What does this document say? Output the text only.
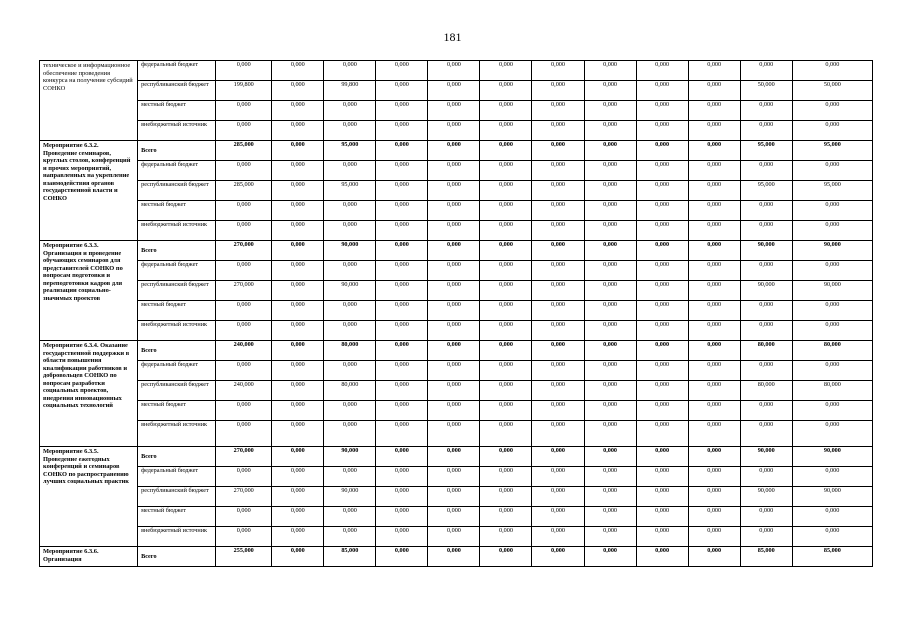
181
техническое и информационное обеспечение проведения конкурса на получение субсидий СОНКО	федеральный бюджет	0,000	0,000	0,000	0,000	0,000	0,000	0,000	0,000	0,000	0,000	0,000	0,000
	республиканский бюджет	199,800	0,000	99,800	0,000	0,000	0,000	0,000	0,000	0,000	0,000	50,000	50,000
	местный бюджет	0,000	0,000	0,000	0,000	0,000	0,000	0,000	0,000	0,000	0,000	0,000	0,000
	внебюджетный источник	0,000	0,000	0,000	0,000	0,000	0,000	0,000	0,000	0,000	0,000	0,000	0,000
Мероприятие 6.3.2. Проведение семинаров, круглых столов, конференций и прочих мероприятий, направленных на укрепление взаимодействия органов государственной власти и СОНКО	Всего	285,000	0,000	95,000	0,000	0,000	0,000	0,000	0,000	0,000	0,000	95,000	95,000
	федеральный бюджет	0,000	0,000	0,000	0,000	0,000	0,000	0,000	0,000	0,000	0,000	0,000	0,000
	республиканский бюджет	285,000	0,000	95,000	0,000	0,000	0,000	0,000	0,000	0,000	0,000	95,000	95,000
	местный бюджет	0,000	0,000	0,000	0,000	0,000	0,000	0,000	0,000	0,000	0,000	0,000	0,000
	внебюджетный источник	0,000	0,000	0,000	0,000	0,000	0,000	0,000	0,000	0,000	0,000	0,000	0,000
Мероприятие 6.3.3. Организация и проведение обучающих семинаров для представителей СОНКО по вопросам подготовки и переподготовки кадров для реализации социально-значимых проектов	Всего	270,000	0,000	90,000	0,000	0,000	0,000	0,000	0,000	0,000	0,000	90,000	90,000
	федеральный бюджет	0,000	0,000	0,000	0,000	0,000	0,000	0,000	0,000	0,000	0,000	0,000	0,000
	республиканский бюджет	270,000	0,000	90,000	0,000	0,000	0,000	0,000	0,000	0,000	0,000	90,000	90,000
	местный бюджет	0,000	0,000	0,000	0,000	0,000	0,000	0,000	0,000	0,000	0,000	0,000	0,000
	внебюджетный источник	0,000	0,000	0,000	0,000	0,000	0,000	0,000	0,000	0,000	0,000	0,000	0,000
Мероприятие 6.3.4. Оказание государственной поддержки в области повышения квалификации работников и добровольцев СОНКО по вопросам разработки социальных проектов, внедрения инновационных социальных технологий	Всего	240,000	0,000	80,000	0,000	0,000	0,000	0,000	0,000	0,000	0,000	80,000	80,000
	федеральный бюджет	0,000	0,000	0,000	0,000	0,000	0,000	0,000	0,000	0,000	0,000	0,000	0,000
	республиканский бюджет	240,000	0,000	80,000	0,000	0,000	0,000	0,000	0,000	0,000	0,000	80,000	80,000
	местный бюджет	0,000	0,000	0,000	0,000	0,000	0,000	0,000	0,000	0,000	0,000	0,000	0,000
	внебюджетный источник	0,000	0,000	0,000	0,000	0,000	0,000	0,000	0,000	0,000	0,000	0,000	0,000
Мероприятие 6.3.5. Проведение ежегодных конференций и семинаров СОНКО по распространению лучших социальных практик	Всего	270,000	0,000	90,000	0,000	0,000	0,000	0,000	0,000	0,000	0,000	90,000	90,000
	федеральный бюджет	0,000	0,000	0,000	0,000	0,000	0,000	0,000	0,000	0,000	0,000	0,000	0,000
	республиканский бюджет	270,000	0,000	90,000	0,000	0,000	0,000	0,000	0,000	0,000	0,000	90,000	90,000
	местный бюджет	0,000	0,000	0,000	0,000	0,000	0,000	0,000	0,000	0,000	0,000	0,000	0,000
	внебюджетный источник	0,000	0,000	0,000	0,000	0,000	0,000	0,000	0,000	0,000	0,000	0,000	0,000
Мероприятие 6.3.6. Организация	Всего	255,000	0,000	85,000	0,000	0,000	0,000	0,000	0,000	0,000	0,000	85,000	85,000
